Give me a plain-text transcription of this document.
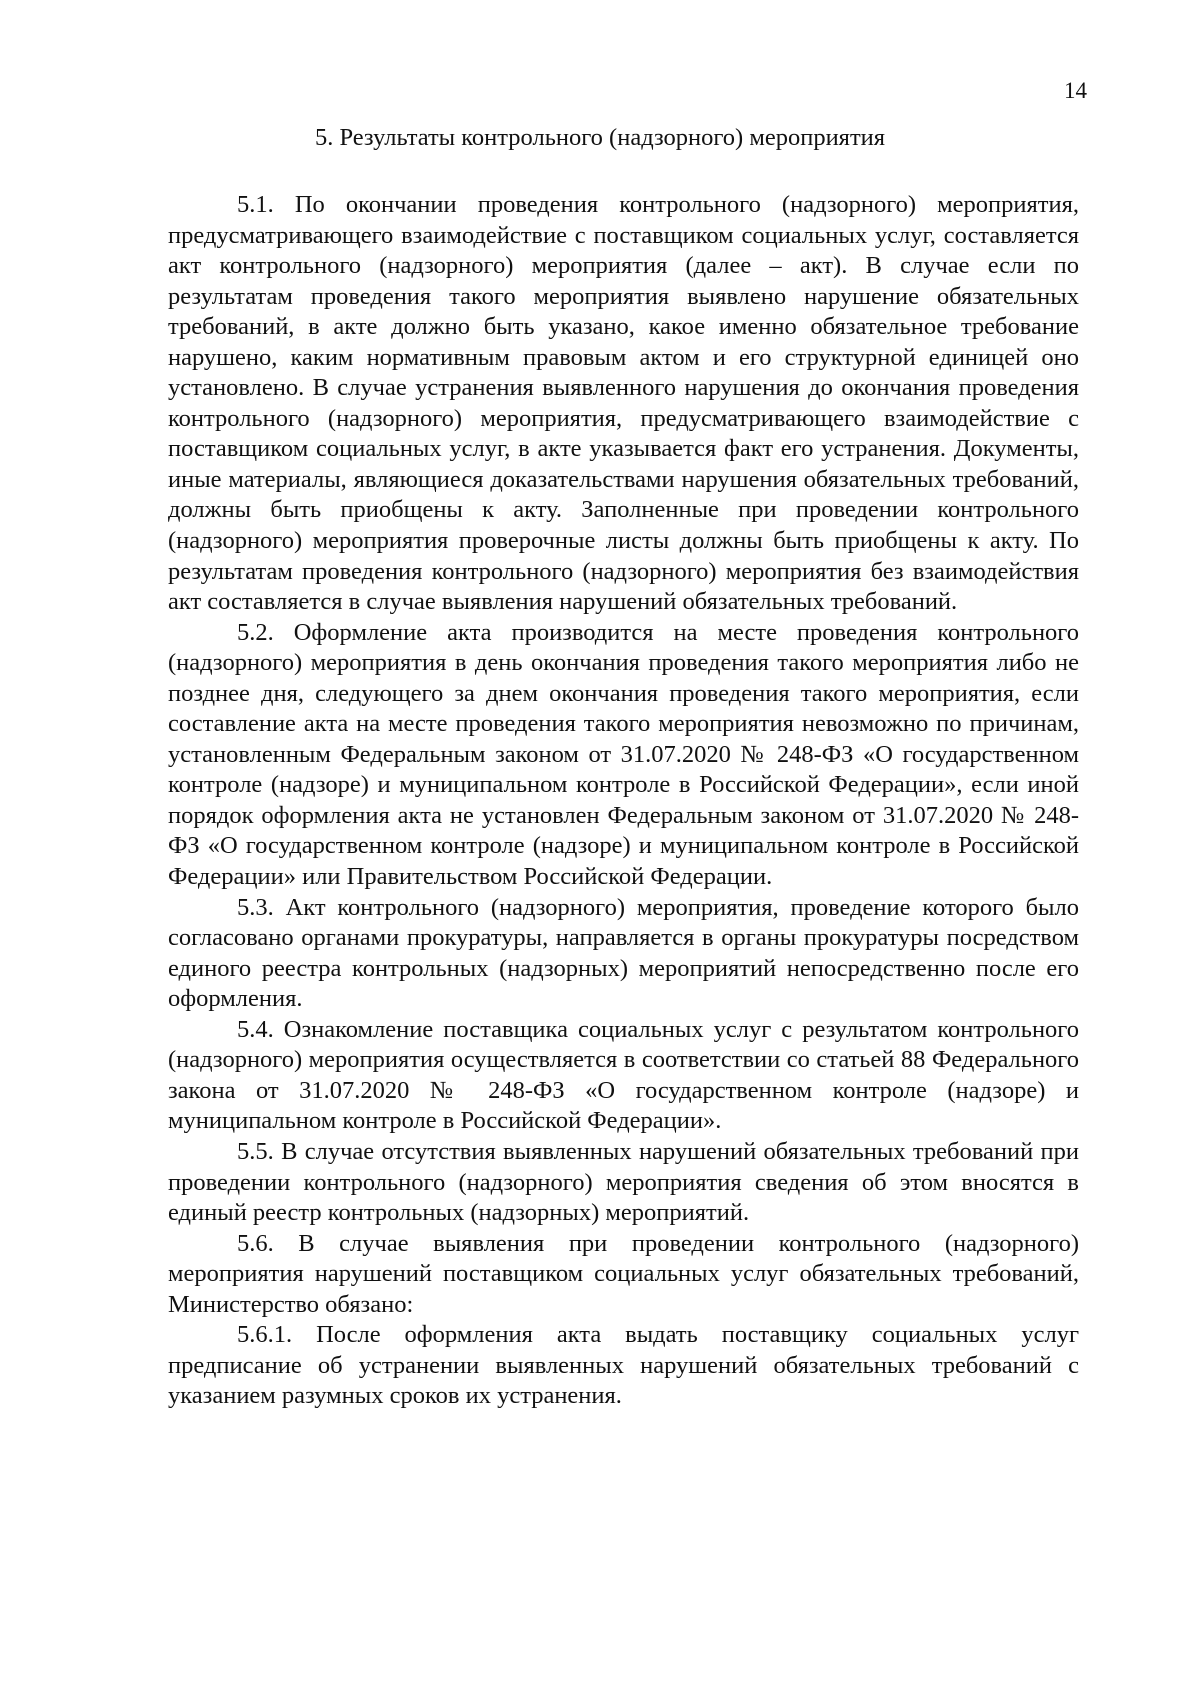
14
5. Результаты контрольного (надзорного) мероприятия

5.1. По окончании проведения контрольного (надзорного) мероприятия, предусматривающего взаимодействие с поставщиком социальных услуг, составляется акт контрольного (надзорного) мероприятия (далее – акт). В случае если по результатам проведения такого мероприятия выявлено нарушение обязательных требований, в акте должно быть указано, какое именно обязательное требование нарушено, каким нормативным правовым актом и его структурной единицей оно установлено. В случае устранения выявленного нарушения до окончания проведения контрольного (надзорного) мероприятия, предусматривающего взаимодействие с поставщиком социальных услуг, в акте указывается факт его устранения. Документы, иные материалы, являющиеся доказательствами нарушения обязательных требований, должны быть приобщены к акту. Заполненные при проведении контрольного (надзорного) мероприятия проверочные листы должны быть приобщены к акту. По результатам проведения контрольного (надзорного) мероприятия без взаимодействия акт составляется в случае выявления нарушений обязательных требований.

5.2. Оформление акта производится на месте проведения контрольного (надзорного) мероприятия в день окончания проведения такого мероприятия либо не позднее дня, следующего за днем окончания проведения такого мероприятия, если составление акта на месте проведения такого мероприятия невозможно по причинам, установленным Федеральным законом от 31.07.2020 № 248-ФЗ «О государственном контроле (надзоре) и муниципальном контроле в Российской Федерации», если иной порядок оформления акта не установлен Федеральным законом от 31.07.2020 № 248-ФЗ «О государственном контроле (надзоре) и муниципальном контроле в Российской Федерации» или Правительством Российской Федерации.

5.3. Акт контрольного (надзорного) мероприятия, проведение которого было согласовано органами прокуратуры, направляется в органы прокуратуры посредством единого реестра контрольных (надзорных) мероприятий непосредственно после его оформления.

5.4. Ознакомление поставщика социальных услуг с результатом контрольного (надзорного) мероприятия осуществляется в соответствии со статьей 88 Федерального закона от 31.07.2020 № 248-ФЗ «О государственном контроле (надзоре) и муниципальном контроле в Российской Федерации».

5.5. В случае отсутствия выявленных нарушений обязательных требований при проведении контрольного (надзорного) мероприятия сведения об этом вносятся в единый реестр контрольных (надзорных) мероприятий.

5.6. В случае выявления при проведении контрольного (надзорного) мероприятия нарушений поставщиком социальных услуг обязательных требований, Министерство обязано:

5.6.1. После оформления акта выдать поставщику социальных услуг предписание об устранении выявленных нарушений обязательных требований с указанием разумных сроков их устранения.
